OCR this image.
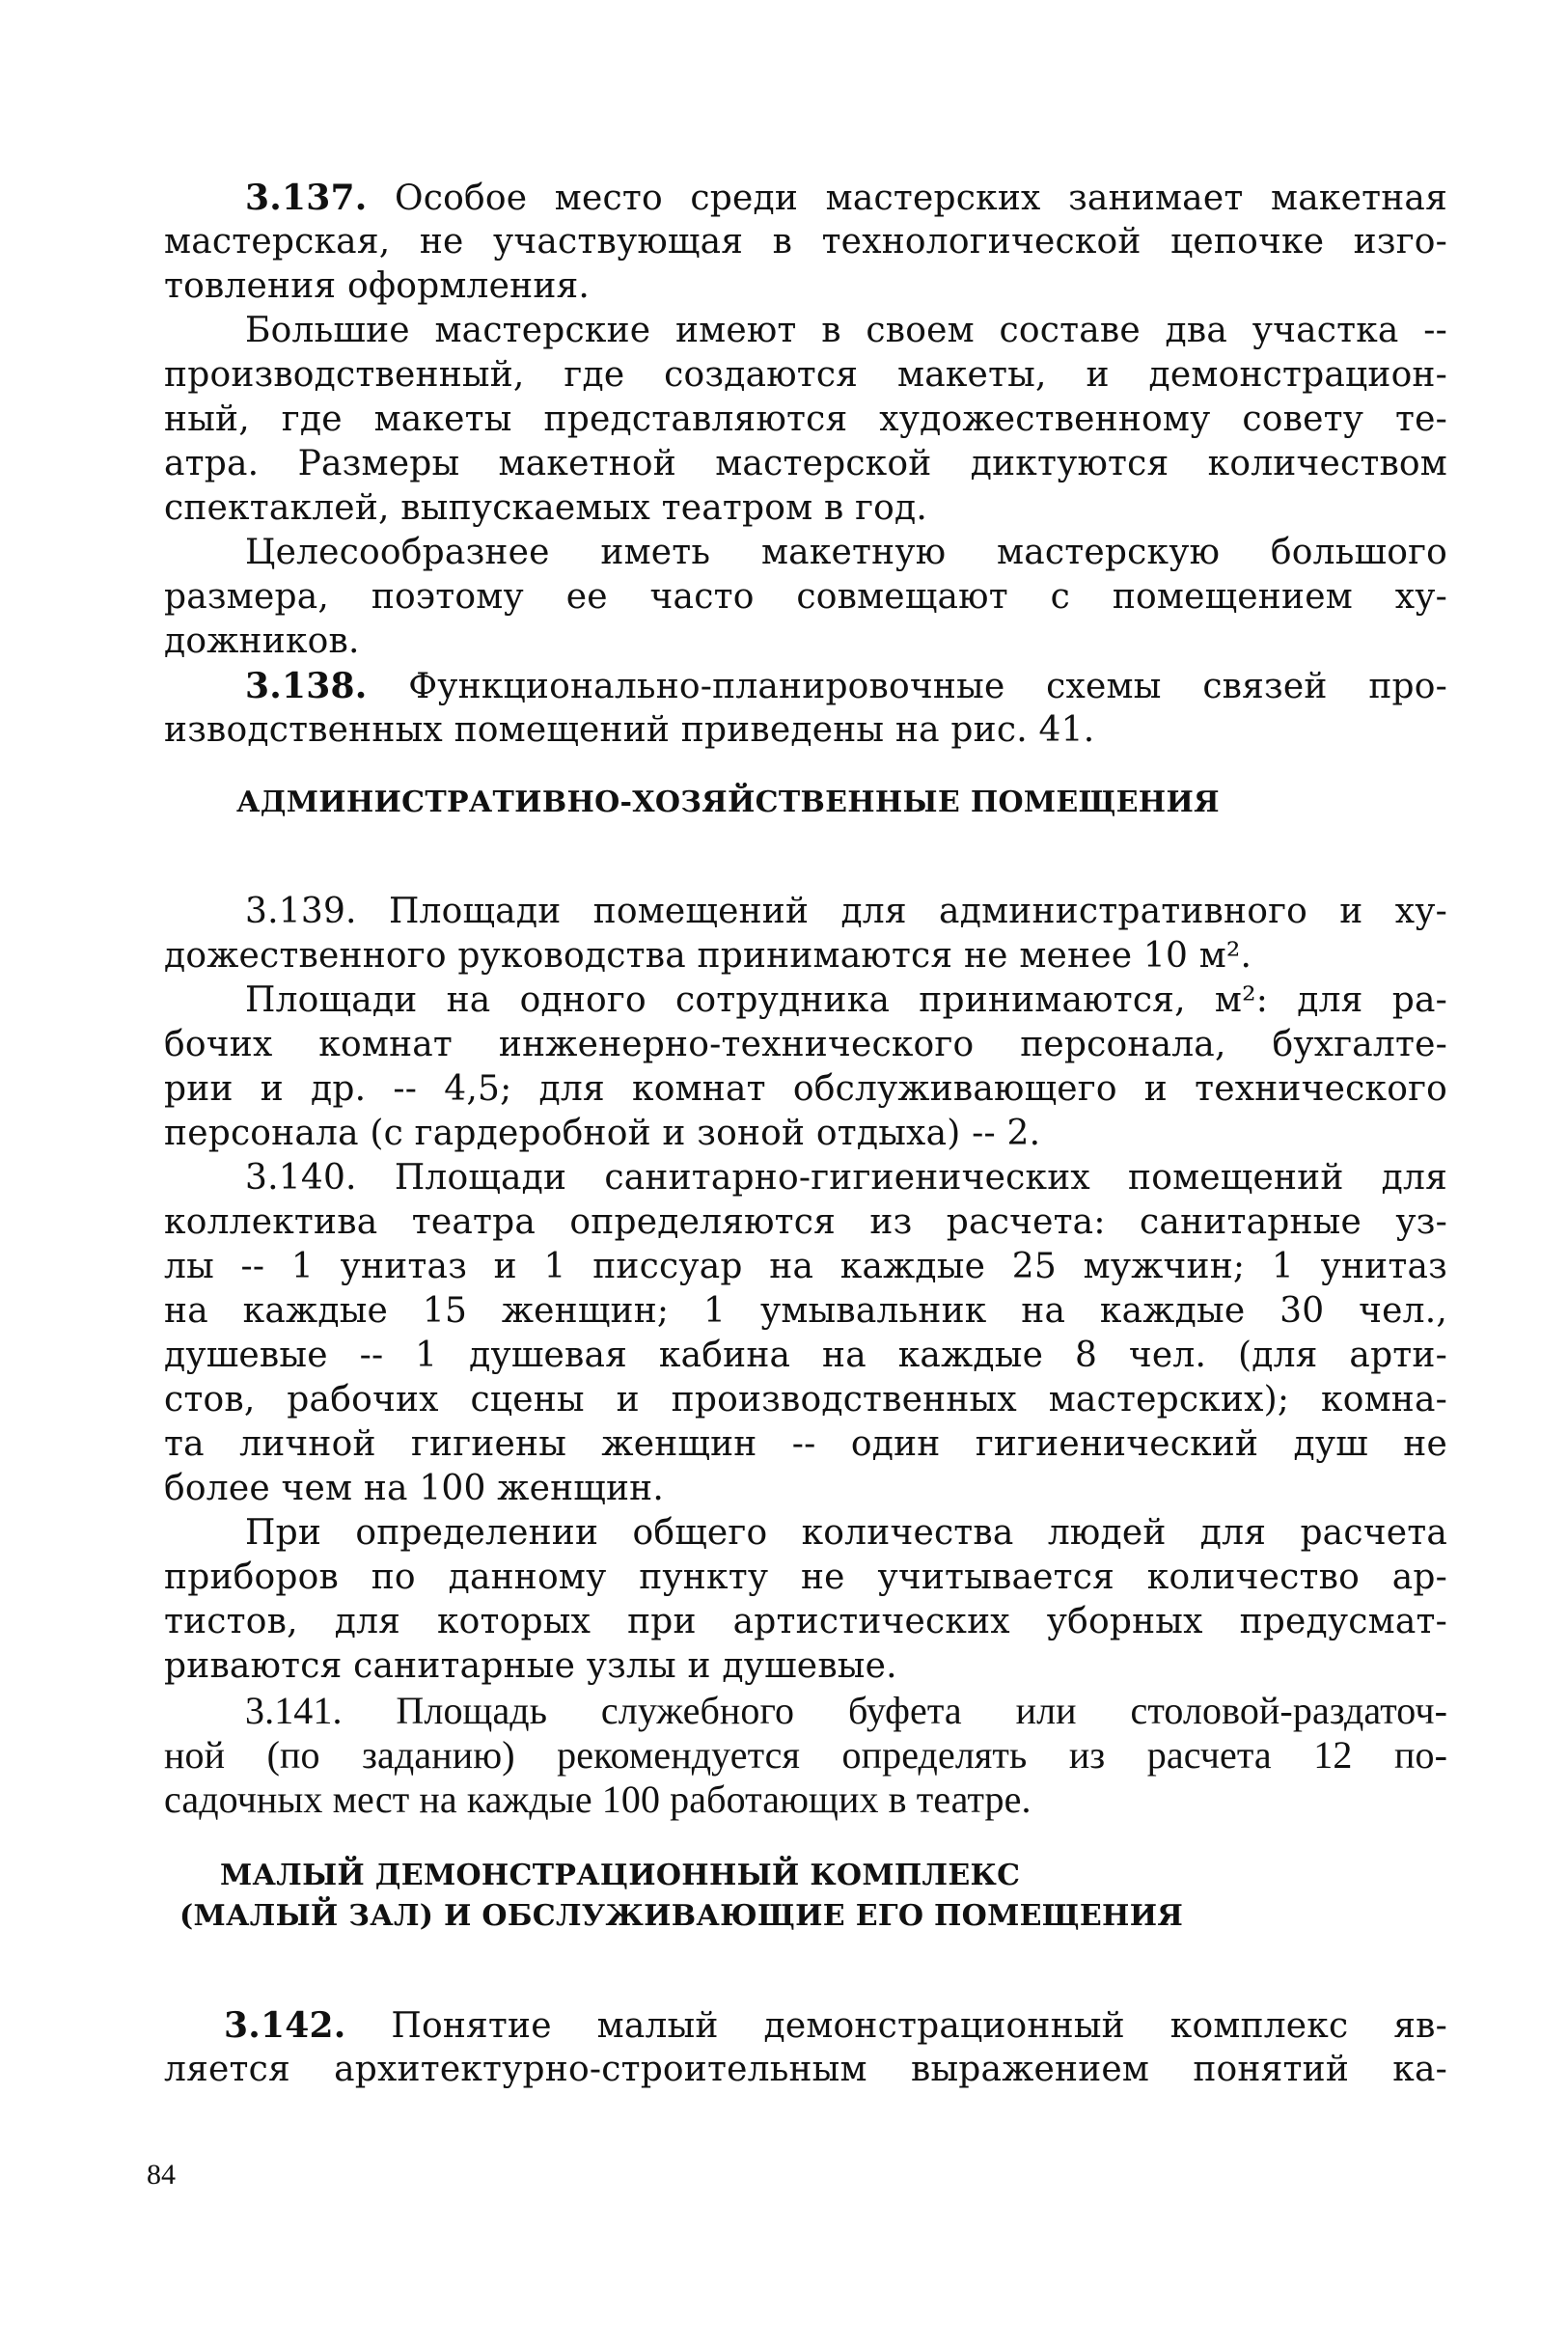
3.137. Особое место среди мастерских занимает макетная

мастерская, не участвующая в технологической цепочке изго-

товления оформления.

Большие мастерские имеют в своем составе два участка --

производственный, где создаются макеты, и демонстрацион-

ный, где макеты представляются художественному совету те-

атра. Размеры макетной мастерской диктуются количеством

спектаклей, выпускаемых театром в год.

Целесообразнее иметь макетную мастерскую большого

размера, поэтому ее часто совмещают с помещением ху-

дожников.

3.138. Функционально-планировочные схемы связей про-

изводственных помещений приведены на рис. 41.

АДМИНИСТРАТИВНО-ХОЗЯЙСТВЕННЫЕ ПОМЕЩЕНИЯ

3.139. Площади помещений для административного и ху-

дожественного руководства принимаются не менее 10 м².

Площади на одного сотрудника принимаются, м²: для ра-

бочих комнат инженерно-технического персонала, бухгалте-

рии и др. -- 4,5; для комнат обслуживающего и технического

персонала (с гардеробной и зоной отдыха) -- 2.

3.140. Площади санитарно-гигиенических помещений для

коллектива театра определяются из расчета: санитарные уз-

лы -- 1 унитаз и 1 писсуар на каждые 25 мужчин; 1 унитаз

на каждые 15 женщин; 1 умывальник на каждые 30 чел.,

душевые -- 1 душевая кабина на каждые 8 чел. (для арти-

стов, рабочих сцены и производственных мастерских); комна-

та личной гигиены женщин -- один гигиенический душ не

более чем на 100 женщин.

При определении общего количества людей для расчета

приборов по данному пункту не учитывается количество ар-

тистов, для которых при артистических уборных предусмат-

риваются санитарные узлы и душевые.

3.141. Площадь служебного буфета или столовой-раздаточ-

ной (по заданию) рекомендуется определять из расчета 12 по-

садочных мест на каждые 100 работающих в театре.

МАЛЫЙ ДЕМОНСТРАЦИОННЫЙ КОМПЛЕКС

(МАЛЫЙ ЗАЛ) И ОБСЛУЖИВАЮЩИЕ ЕГО ПОМЕЩЕНИЯ

3.142. Понятие малый демонстрационный комплекс яв-

ляется архитектурно-строительным выражением понятий ка-

84
